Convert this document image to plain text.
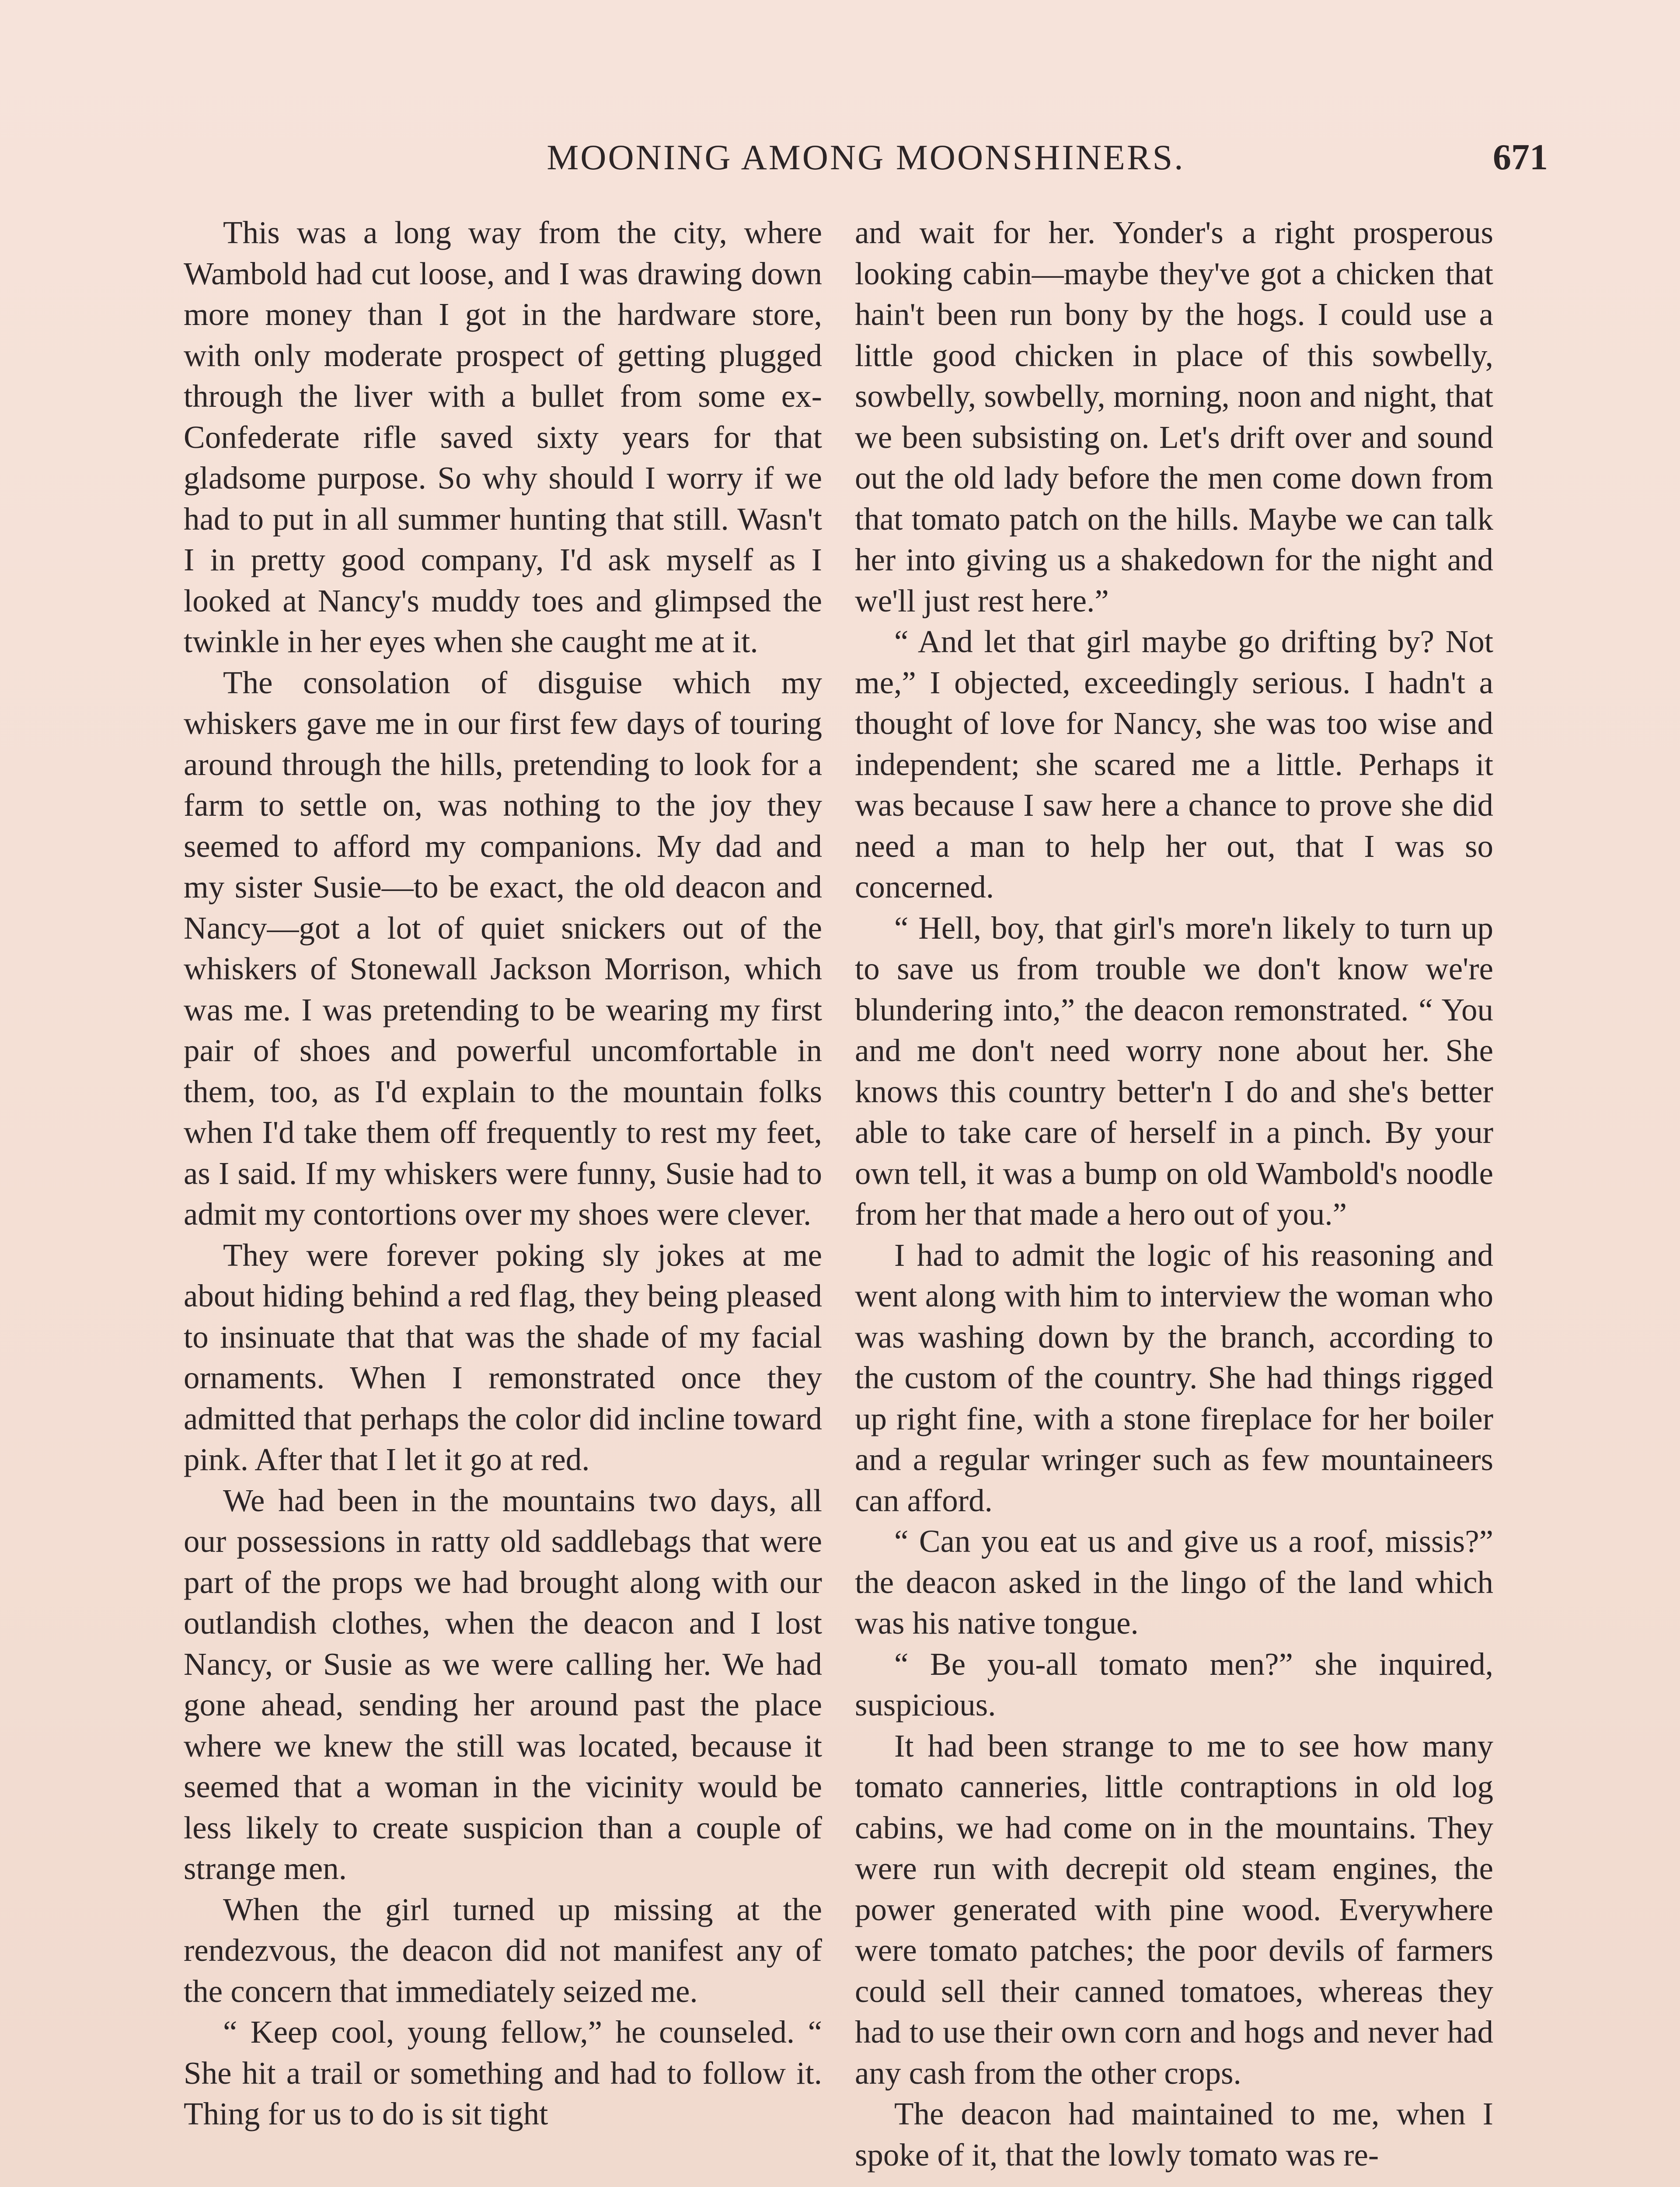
MOONING AMONG MOONSHINERS.	671

This was a long way from the city, where Wambold had cut loose, and I was drawing down more money than I got in the hardware store, with only moderate prospect of getting plugged through the liver with a bullet from some ex-Confederate rifle saved sixty years for that gladsome purpose. So why should I worry if we had to put in all summer hunting that still. Wasn't I in pretty good company, I'd ask myself as I looked at Nancy's muddy toes and glimpsed the twinkle in her eyes when she caught me at it.

The consolation of disguise which my whiskers gave me in our first few days of touring around through the hills, pretending to look for a farm to settle on, was nothing to the joy they seemed to afford my companions. My dad and my sister Susie—to be exact, the old deacon and Nancy—got a lot of quiet snickers out of the whiskers of Stonewall Jackson Morrison, which was me. I was pretending to be wearing my first pair of shoes and powerful uncomfortable in them, too, as I'd explain to the mountain folks when I'd take them off frequently to rest my feet, as I said. If my whiskers were funny, Susie had to admit my contortions over my shoes were clever.

They were forever poking sly jokes at me about hiding behind a red flag, they being pleased to insinuate that that was the shade of my facial ornaments. When I remonstrated once they admitted that perhaps the color did incline toward pink. After that I let it go at red.

We had been in the mountains two days, all our possessions in ratty old saddlebags that were part of the props we had brought along with our outlandish clothes, when the deacon and I lost Nancy, or Susie as we were calling her. We had gone ahead, sending her around past the place where we knew the still was located, because it seemed that a woman in the vicinity would be less likely to create suspicion than a couple of strange men.

When the girl turned up missing at the rendezvous, the deacon did not manifest any of the concern that immediately seized me.

“ Keep cool, young fellow,” he counseled. “ She hit a trail or something and had to follow it. Thing for us to do is sit tight

and wait for her. Yonder's a right prosperous looking cabin—maybe they've got a chicken that hain't been run bony by the hogs. I could use a little good chicken in place of this sowbelly, sowbelly, sowbelly, morning, noon and night, that we been subsisting on. Let's drift over and sound out the old lady before the men come down from that tomato patch on the hills. Maybe we can talk her into giving us a shakedown for the night and we'll just rest here.”

“ And let that girl maybe go drifting by? Not me,” I objected, exceedingly serious. I hadn't a thought of love for Nancy, she was too wise and independent; she scared me a little. Perhaps it was because I saw here a chance to prove she did need a man to help her out, that I was so concerned.

“ Hell, boy, that girl's more'n likely to turn up to save us from trouble we don't know we're blundering into,” the deacon remonstrated. “ You and me don't need worry none about her. She knows this country better'n I do and she's better able to take care of herself in a pinch. By your own tell, it was a bump on old Wambold's noodle from her that made a hero out of you.”

I had to admit the logic of his reasoning and went along with him to interview the woman who was washing down by the branch, according to the custom of the country. She had things rigged up right fine, with a stone fireplace for her boiler and a regular wringer such as few mountaineers can afford.

“ Can you eat us and give us a roof, missis?” the deacon asked in the lingo of the land which was his native tongue.

“ Be you-all tomato men?” she inquired, suspicious.

It had been strange to me to see how many tomato canneries, little contraptions in old log cabins, we had come on in the mountains. They were run with decrepit old steam engines, the power generated with pine wood. Everywhere were tomato patches; the poor devils of farmers could sell their canned tomatoes, whereas they had to use their own corn and hogs and never had any cash from the other crops.

The deacon had maintained to me, when I spoke of it, that the lowly tomato was re-
